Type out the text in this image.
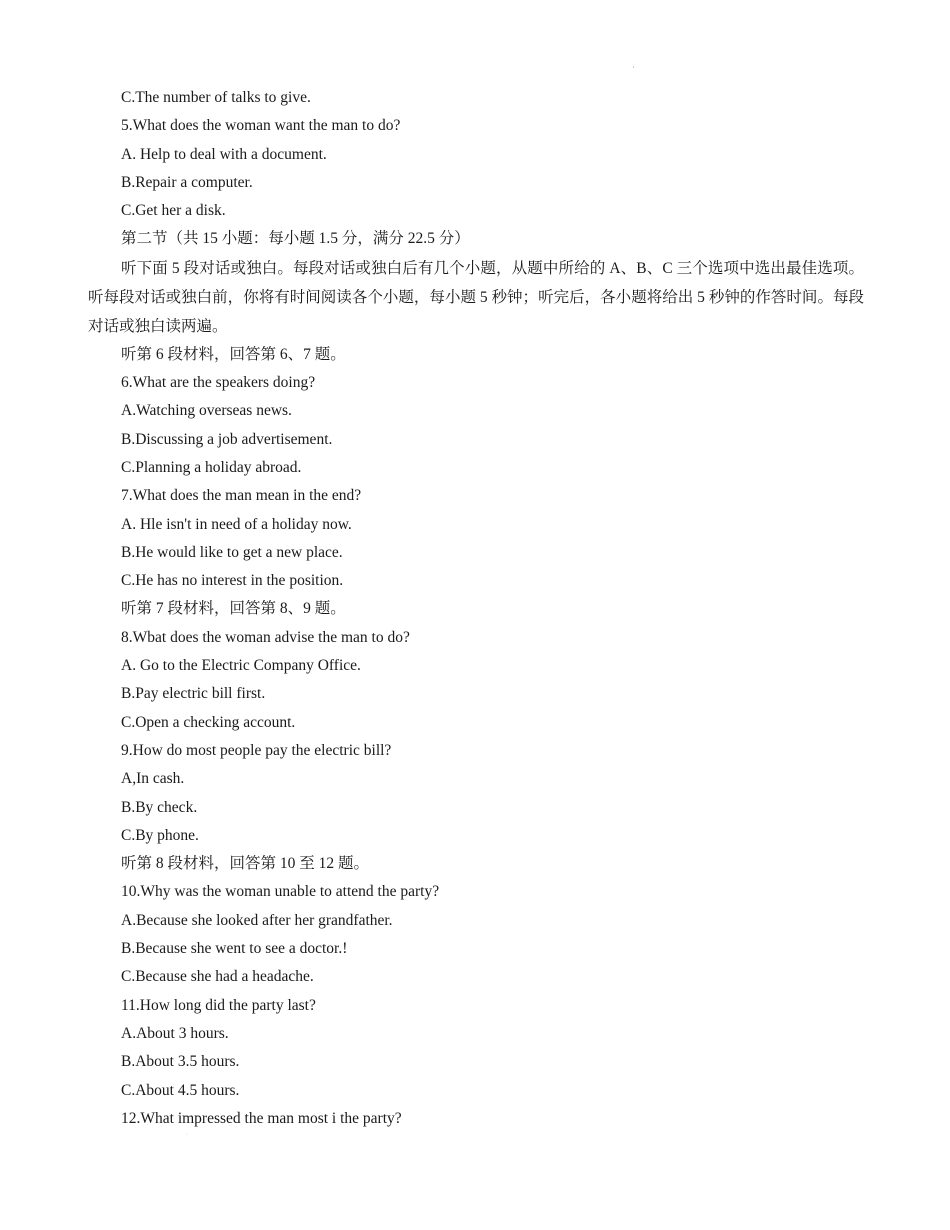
·

C.The number of talks to give.

5.What does the woman want the man to do?

A. Help to deal with a document.

B.Repair a computer.

C.Get her a disk.

第二节（共 15 小题：每小题 1.5 分，满分 22.5 分）

听下面 5 段对话或独白。每段对话或独白后有几个小题，从题中所给的 A、B、C 三个选项中选出最佳选项。听每段对话或独白前，你将有时间阅读各个小题，每小题 5 秒钟；听完后，各小题将给出 5 秒钟的作答时间。每段对话或独白读两遍。

听第 6 段材料，回答第 6、7 题。

6.What are the speakers doing?

A.Watching overseas news.

B.Discussing a job advertisement.

C.Planning a holiday abroad.

7.What does the man mean in the end?

A. Hle isn't in need of a holiday now.

B.He would like to get a new place.

C.He has no interest in the position.

听第 7 段材料，回答第 8、9 题。

8.Wbat does the woman advise the man to do?

A. Go to the Electric Company Office.

B.Pay electric bill first.

C.Open a checking account.

9.How do most people pay the electric bill?

A,In cash.

B.By check.

C.By phone.

听第 8 段材料，回答第 10 至 12 题。

10.Why was the woman unable to attend the party?

A.Because she looked after her grandfather.

B.Because she went to see a doctor.!

C.Because she had a headache.

11.How long did the party last?

A.About 3 hours.

B.About 3.5 hours.

C.About 4.5 hours.

12.What impressed the man most i the party?

·
